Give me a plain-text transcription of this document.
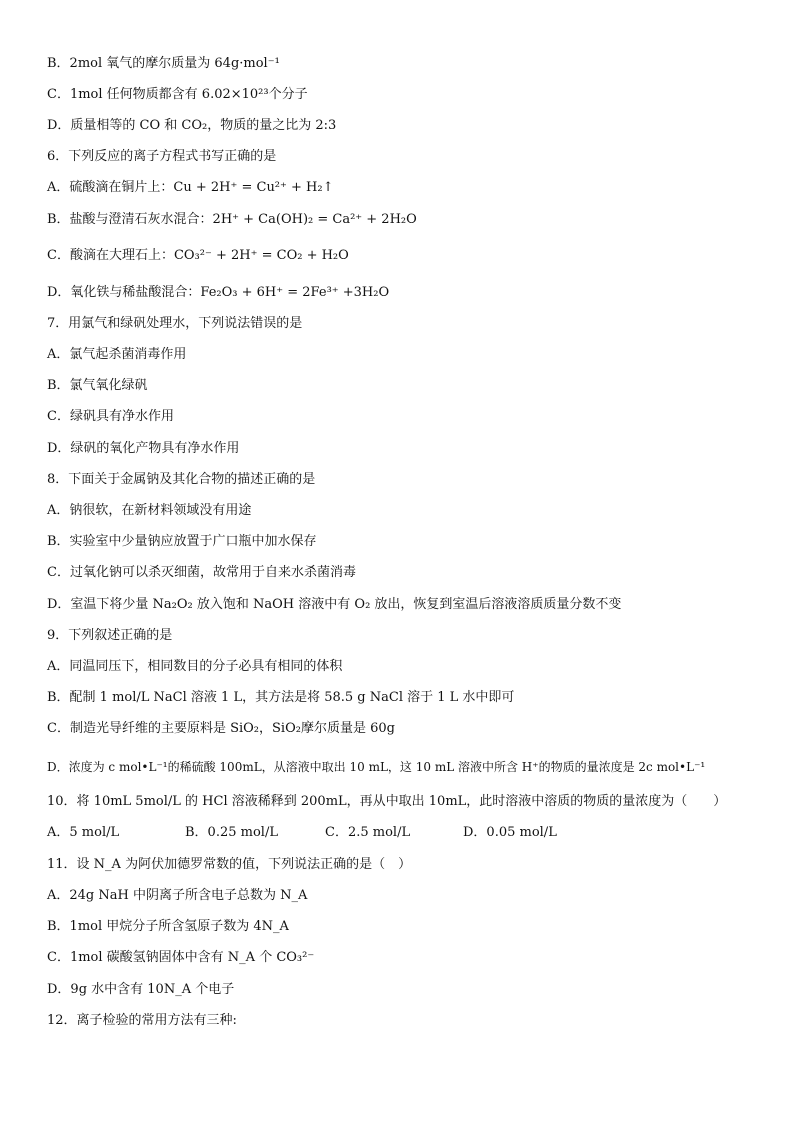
B．2mol 氧气的摩尔质量为 64g·mol⁻¹
C．1mol 任何物质都含有 6.02×10²³个分子
D．质量相等的 CO 和 CO₂，物质的量之比为 2:3
6．下列反应的离子方程式书写正确的是
A．硫酸滴在铜片上：Cu + 2H⁺ = Cu²⁺ + H₂↑
B．盐酸与澄清石灰水混合：2H⁺ + Ca(OH)₂ = Ca²⁺ + 2H₂O
C．酸滴在大理石上：CO₃²⁻ + 2H⁺ = CO₂ + H₂O
D．氧化铁与稀盐酸混合：Fe₂O₃ + 6H⁺ = 2Fe³⁺ +3H₂O
7．用氯气和绿矾处理水，下列说法错误的是
A．氯气起杀菌消毒作用
B．氯气氧化绿矾
C．绿矾具有净水作用
D．绿矾的氧化产物具有净水作用
8．下面关于金属钠及其化合物的描述正确的是
A．钠很软，在新材料领域没有用途
B．实验室中少量钠应放置于广口瓶中加水保存
C．过氧化钠可以杀灭细菌，故常用于自来水杀菌消毒
D．室温下将少量 Na₂O₂ 放入饱和 NaOH 溶液中有 O₂ 放出，恢复到室温后溶液溶质质量分数不变
9．下列叙述正确的是
A．同温同压下，相同数目的分子必具有相同的体积
B．配制 1 mol/L NaCl 溶液 1 L，其方法是将 58.5 g NaCl 溶于 1 L 水中即可
C．制造光导纤维的主要原料是 SiO₂，SiO₂摩尔质量是 60g
D．浓度为 c mol•L⁻¹的稀硫酸 100mL，从溶液中取出 10 mL，这 10 mL 溶液中所含 H⁺的物质的量浓度是 2c mol•L⁻¹
10．将 10mL 5mol/L 的 HCl 溶液稀释到 200mL，再从中取出 10mL，此时溶液中溶质的物质的量浓度为（　　）
A．5 mol/L	B．0.25 mol/L	C．2.5 mol/L	D．0.05 mol/L
11．设 N_A 为阿伏加德罗常数的值，下列说法正确的是（　）
A．24g NaH 中阴离子所含电子总数为 N_A
B．1mol 甲烷分子所含氢原子数为 4N_A
C．1mol 碳酸氢钠固体中含有 N_A 个 CO₃²⁻
D．9g 水中含有 10N_A 个电子
12．离子检验的常用方法有三种:
